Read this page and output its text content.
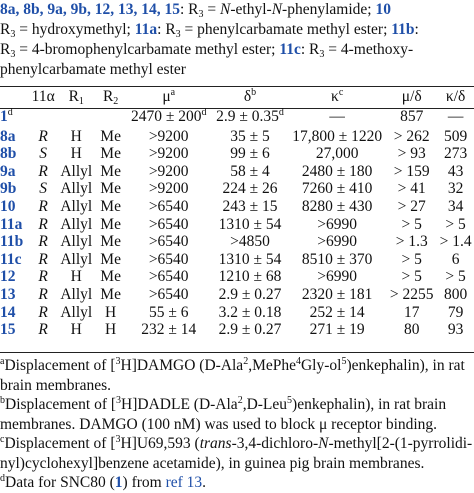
8a, 8b, 9a, 9b, 12, 13, 14, 15: $R_3$ = N-ethyl-N-phenylamide; 10
$R_3$ = hydroxymethyl; 11a: $R_3$ = phenylcarbamate methyl ester; 11b:
$R_3$ = 4-bromophenylcarbamate methyl ester; 11c: $R_3$ = 4-methoxy-
phenylcarbamate methyl ester
	11α	$R_1$	$R_2$	$\mu^a$	$\delta^b$	$\kappa^c$	μ/δ	κ/δ
1$^d$				$2470 \pm 200^d$	2.9 ± 0.35$^d$	—	857	—
8a	R	H	Me	>9200	35 ± 5	17,800 ± 1220	> 262	509
8b	S	H	Me	>9200	99 ± 6	27,000	> 93	273
9a	R	Allyl	Me	>9200	58 ± 4	2480 ± 180	> 159	43
9b	S	Allyl	Me	>9200	224 ± 26	7260 ± 410	> 41	32
10	R	Allyl	Me	>6540	243 ± 15	8280 ± 430	> 27	34
11a	R	Allyl	Me	>6540	1310 ± 54	>6990	> 5	> 5
11b	R	Allyl	Me	>6540	>4850	>6990	> 1.3	> 1.4
11c	R	Allyl	Me	>6540	1310 ± 54	8510 ± 370	> 5	6
12	R	H	Me	>6540	1210 ± 68	>6990	> 5	> 5
13	R	Allyl	Me	>6540	2.9 ± 0.27	2320 ± 181	> 2255	800
14	R	Allyl	H	55 ± 6	3.2 ± 0.18	252 ± 14	17	79
15	R	H	H	232 ± 14	2.9 ± 0.27	271 ± 19	80	93
$^a$Displacement of [$^3$H]DAMGO $(D-Ala^2,MePhe^4Gly-ol^5)enkephalin$), in rat
brain membranes.
$^b$Displacement of [$^3$H]DADLE (D-Ala$^2$,D-Leu$^5$)enkephalin), in rat brain
membranes. DAMGO (100 nM) was used to block μ receptor binding.
$^c$Displacement of [$^3$H]U69,593 (trans-3,4-dichloro-N-methyl[2-(1-pyrrolidi-
nyl)cyclohexyl]benzene acetamide), in guinea pig brain membranes.
$^d$Data for SNC80 (1) from ref 13.
